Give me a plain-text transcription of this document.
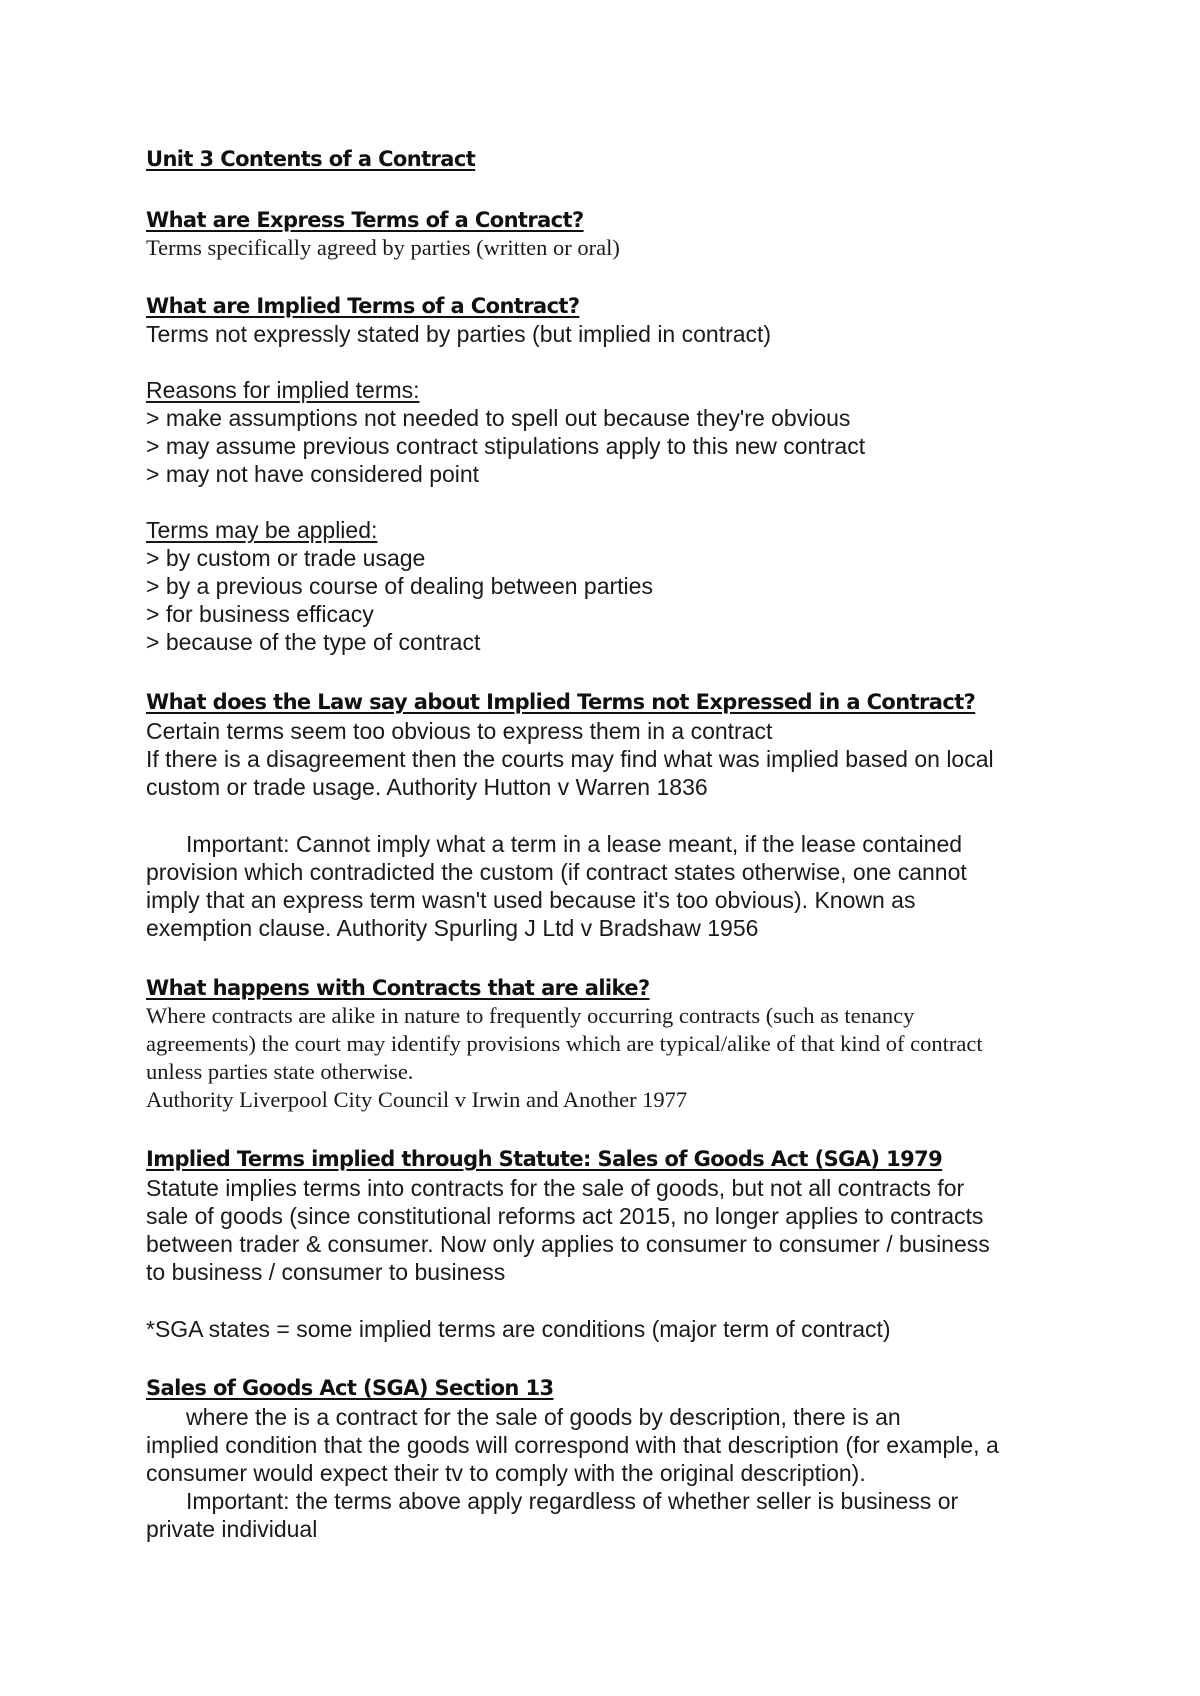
Unit 3 Contents of a Contract
What are Express Terms of a Contract?
Terms specifically agreed by parties (written or oral)
What are Implied Terms of a Contract?
Terms not expressly stated by parties (but implied in contract)
Reasons for implied terms:
> make assumptions not needed to spell out because they're obvious
> may assume previous contract stipulations apply to this new contract
> may not have considered point
Terms may be applied:
> by custom or trade usage
> by a previous course of dealing between parties
> for business efficacy
> because of the type of contract
What does the Law say about Implied Terms not Expressed in a Contract?
Certain terms seem too obvious to express them in a contract
If there is a disagreement then the courts may find what was implied based on local
custom or trade usage. Authority Hutton v Warren 1836
Important: Cannot imply what a term in a lease meant, if the lease contained
provision which contradicted the custom (if contract states otherwise, one cannot
imply that an express term wasn't used because it's too obvious). Known as
exemption clause. Authority Spurling J Ltd v Bradshaw 1956
What happens with Contracts that are alike?
Where contracts are alike in nature to frequently occurring contracts (such as tenancy
agreements) the court may identify provisions which are typical/alike of that kind of contract
unless parties state otherwise.
Authority Liverpool City Council v Irwin and Another 1977
Implied Terms implied through Statute: Sales of Goods Act (SGA) 1979
Statute implies terms into contracts for the sale of goods, but not all contracts for
sale of goods (since constitutional reforms act 2015, no longer applies to contracts
between trader & consumer. Now only applies to consumer to consumer / business
to business / consumer to business
*SGA states = some implied terms are conditions (major term of contract)
Sales of Goods Act (SGA) Section 13
where the is a contract for the sale of goods by description, there is an
implied condition that the goods will correspond with that description (for example, a
consumer would expect their tv to comply with the original description).
Important: the terms above apply regardless of whether seller is business or
private individual
